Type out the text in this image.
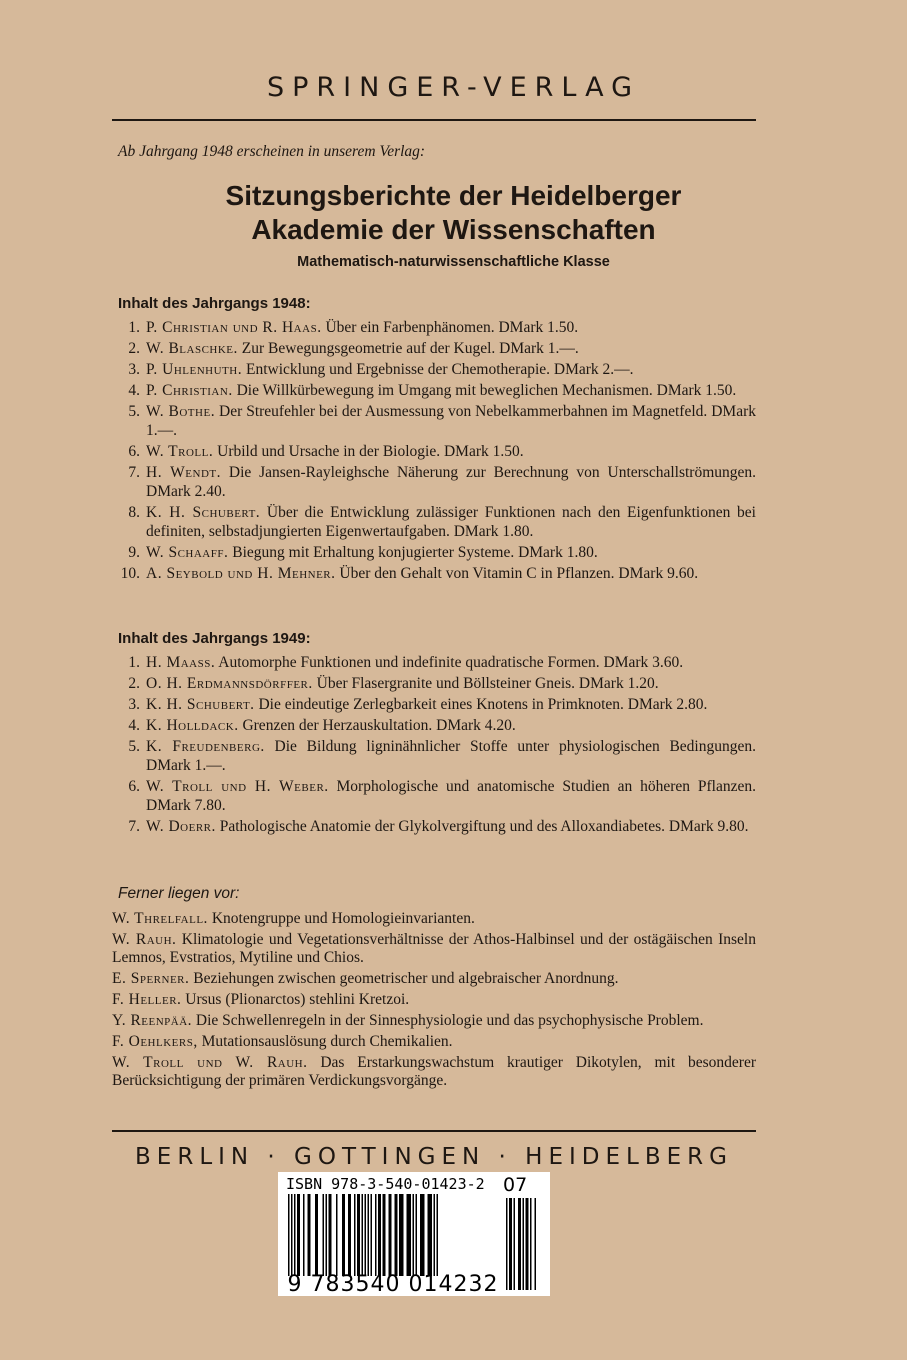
SPRINGER-VERLAG
Ab Jahrgang 1948 erscheinen in unserem Verlag:
Sitzungsberichte der Heidelberger
Akademie der Wissenschaften
Mathematisch-naturwissenschaftliche Klasse
Inhalt des Jahrgangs 1948:
1. P. Christian und R. Haas. Über ein Farbenphänomen. DMark 1.50.
2. W. Blaschke. Zur Bewegungsgeometrie auf der Kugel. DMark 1.—.
3. P. Uhlenhuth. Entwicklung und Ergebnisse der Chemotherapie. DMark 2.—.
4. P. Christian. Die Willkürbewegung im Umgang mit beweglichen Mechanismen. DMark 1.50.
5. W. Bothe. Der Streufehler bei der Ausmessung von Nebelkammerbahnen im Magnetfeld. DMark 1.—.
6. W. Troll. Urbild und Ursache in der Biologie. DMark 1.50.
7. H. Wendt. Die Jansen-Rayleighsche Näherung zur Berechnung von Unterschallströmungen. DMark 2.40.
8. K. H. Schubert. Über die Entwicklung zulässiger Funktionen nach den Eigenfunktionen bei definiten, selbstadjungierten Eigenwertaufgaben. DMark 1.80.
9. W. Schaaff. Biegung mit Erhaltung konjugierter Systeme. DMark 1.80.
10. A. Seybold und H. Mehner. Über den Gehalt von Vitamin C in Pflanzen. DMark 9.60.
Inhalt des Jahrgangs 1949:
1. H. Maass. Automorphe Funktionen und indefinite quadratische Formen. DMark 3.60.
2. O. H. Erdmannsdörffer. Über Flasergranite und Böllsteiner Gneis. DMark 1.20.
3. K. H. Schubert. Die eindeutige Zerlegbarkeit eines Knotens in Primknoten. DMark 2.80.
4. K. Holldack. Grenzen der Herzauskultation. DMark 4.20.
5. K. Freudenberg. Die Bildung ligninähnlicher Stoffe unter physiologischen Bedingungen. DMark 1.—.
6. W. Troll und H. Weber. Morphologische und anatomische Studien an höheren Pflanzen. DMark 7.80.
7. W. Doerr. Pathologische Anatomie der Glykolvergiftung und des Alloxandiabetes. DMark 9.80.
Ferner liegen vor:
W. Threlfall. Knotengruppe und Homologieinvarianten.
W. Rauh. Klimatologie und Vegetationsverhältnisse der Athos-Halbinsel und der ostägäischen Inseln Lemnos, Evstratios, Mytiline und Chios.
E. Sperner. Beziehungen zwischen geometrischer und algebraischer Anordnung.
F. Heller. Ursus (Plionarctos) stehlini Kretzoi.
Y. Reenpää. Die Schwellenregeln in der Sinnesphysiologie und das psychophysische Problem.
F. Oehlkers, Mutationsauslösung durch Chemikalien.
W. Troll und W. Rauh. Das Erstarkungswachstum krautiger Dikotylen, mit besonderer Berücksichtigung der primären Verdickungsvorgänge.
BERLIN · GOTTINGEN · HEIDELBERG
ISBN 978-3-540-01423-2
9 783540 014232
07
